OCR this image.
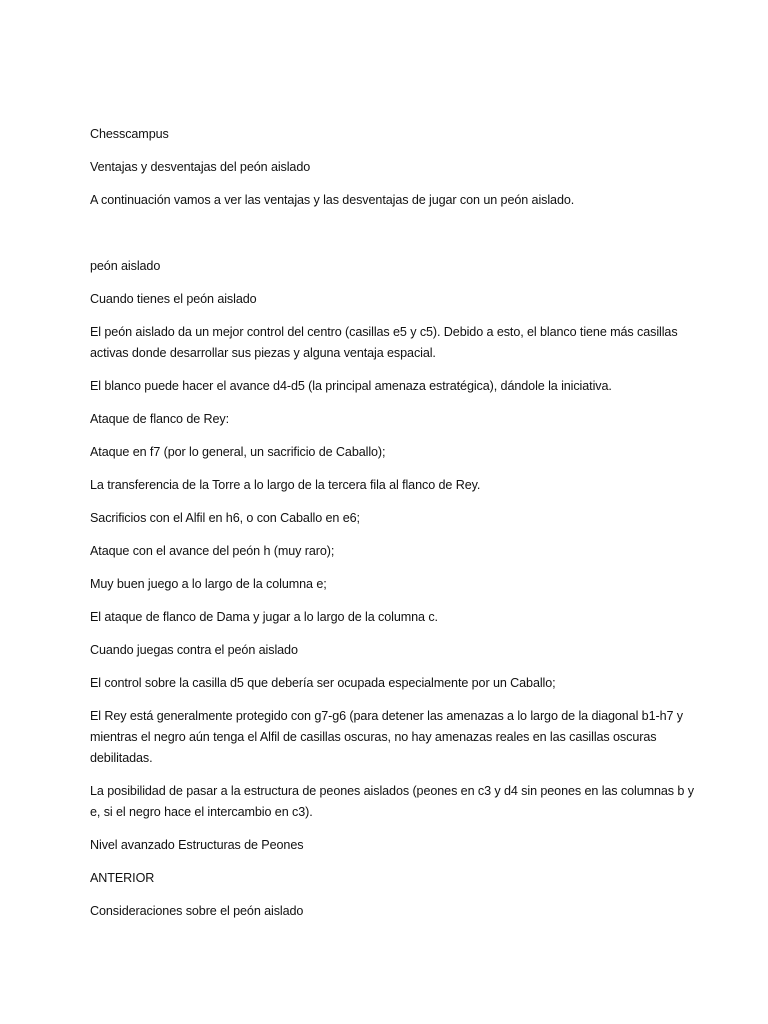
Chesscampus

Ventajas y desventajas del peón aislado

A continuación vamos a ver las ventajas y las desventajas de jugar con un peón aislado.

peón aislado

Cuando tienes el peón aislado

El peón aislado da un mejor control del centro (casillas e5 y c5). Debido a esto, el blanco tiene más casillas activas donde desarrollar sus piezas y alguna ventaja espacial.

El blanco puede hacer el avance d4-d5 (la principal amenaza estratégica), dándole la iniciativa.

Ataque de flanco de Rey:

Ataque en f7 (por lo general, un sacrificio de Caballo);

La transferencia de la Torre a lo largo de la tercera fila al flanco de Rey.

Sacrificios con el Alfil en h6, o con Caballo en e6;

Ataque con el avance del peón h (muy raro);

Muy buen juego a lo largo de la columna e;

El ataque de flanco de Dama y jugar a lo largo de la columna c.

Cuando juegas contra el peón aislado

El control sobre la casilla d5 que debería ser ocupada especialmente por un Caballo;

El Rey está generalmente protegido con g7-g6 (para detener las amenazas a lo largo de la diagonal b1-h7 y mientras el negro aún tenga el Alfil de casillas oscuras, no hay amenazas reales en las casillas oscuras debilitadas.

La posibilidad de pasar a la estructura de peones aislados (peones en c3 y d4 sin peones en las columnas b y e, si el negro hace el intercambio en c3).

Nivel avanzado Estructuras de Peones

ANTERIOR

Consideraciones sobre el peón aislado
